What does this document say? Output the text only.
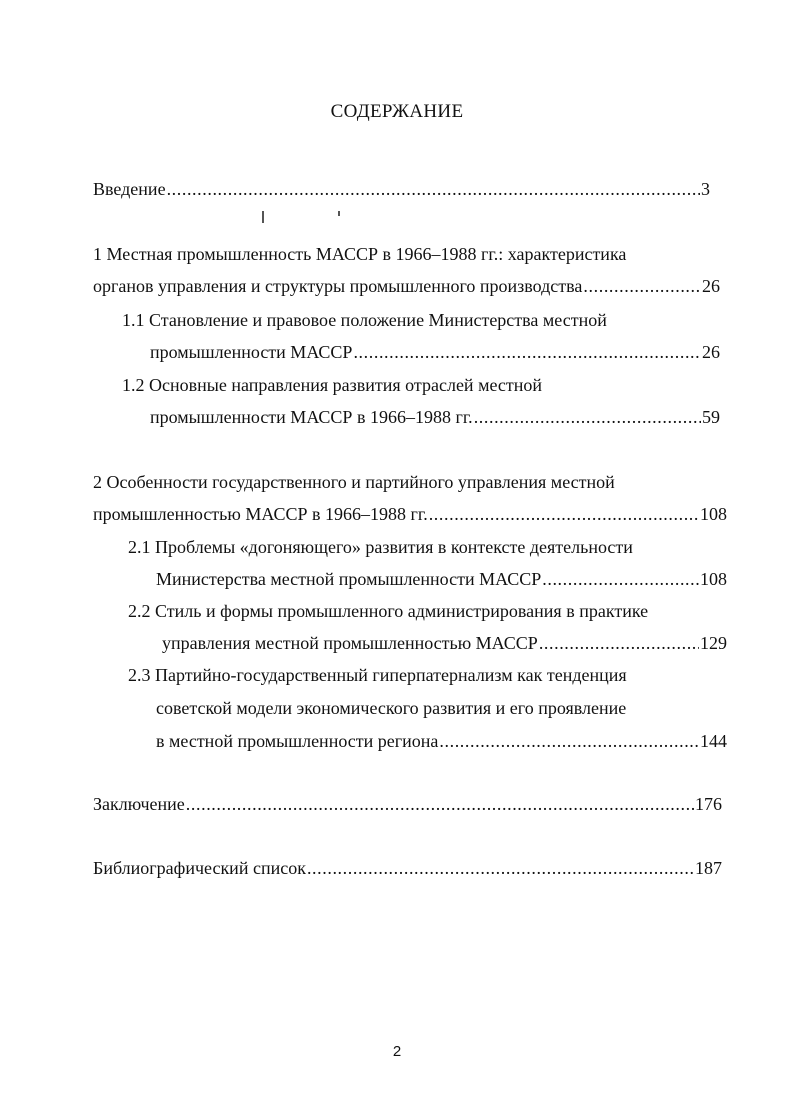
СОДЕРЖАНИЕ
Введение .....	3
1 Местная промышленность МАССР в 1966–1988 гг.: характеристика
органов управления и структуры промышленного производства .....	26
1.1 Становление и правовое положение Министерства местной
промышленности МАССР .....	26
1.2 Основные направления развития отраслей местной
промышленности МАССР в 1966–1988 гг. .....	59
2 Особенности государственного и партийного управления местной
промышленностью МАССР в 1966–1988 гг. .....	108
2.1 Проблемы «догоняющего» развития в контексте деятельности
Министерства местной промышленности МАССР .....	108
2.2 Стиль и формы промышленного администрирования в практике
управления местной промышленностью МАССР .....	129
2.3 Партийно-государственный гиперпатернализм как тенденция
советской модели экономического развития и его проявление
в местной промышленности региона .....	144
Заключение .....	176
Библиографический список .....	187
2
